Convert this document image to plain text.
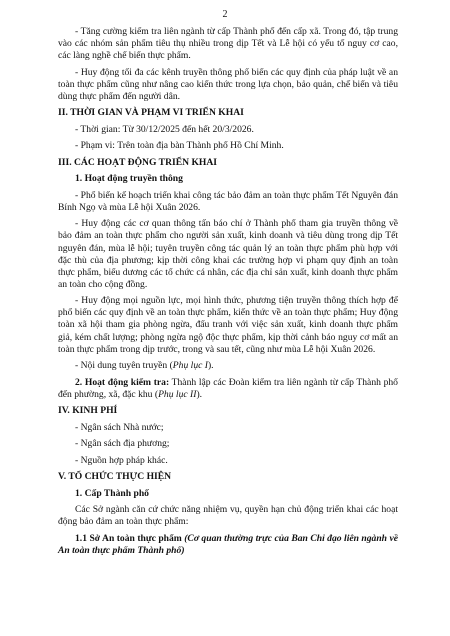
2

- Tăng cường kiểm tra liên ngành từ cấp Thành phố đến cấp xã. Trong đó, tập trung vào các nhóm sản phẩm tiêu thụ nhiều trong dịp Tết và Lễ hội có yếu tố nguy cơ cao, các làng nghề chế biến thực phẩm.

- Huy động tối đa các kênh truyền thông phổ biến các quy định của pháp luật về an toàn thực phẩm cũng như nâng cao kiến thức trong lựa chọn, bảo quản, chế biến và tiêu dùng thực phẩm đến người dân.

II. THỜI GIAN VÀ PHẠM VI TRIỂN KHAI

- Thời gian: Từ 30/12/2025 đến hết 20/3/2026.

- Phạm vi: Trên toàn địa bàn Thành phố Hồ Chí Minh.

III. CÁC HOẠT ĐỘNG TRIỂN KHAI

1. Hoạt động truyền thông

- Phổ biến kế hoạch triển khai công tác bảo đảm an toàn thực phẩm Tết Nguyên đán Bính Ngọ và mùa Lễ hội Xuân 2026.

- Huy động các cơ quan thông tấn báo chí ở Thành phố tham gia truyền thông về bảo đảm an toàn thực phẩm cho người sản xuất, kinh doanh và tiêu dùng trong dịp Tết nguyên đán, mùa lễ hội; tuyên truyền công tác quản lý an toàn thực phẩm phù hợp với đặc thù của địa phương; kịp thời công khai các trường hợp vi phạm quy định an toàn thực phẩm, biểu dương các tổ chức cá nhân, các địa chỉ sản xuất, kinh doanh thực phẩm an toàn cho cộng đồng.

- Huy động mọi nguồn lực, mọi hình thức, phương tiện truyền thông thích hợp để phổ biến các quy định về an toàn thực phẩm, kiến thức về an toàn thực phẩm; Huy động toàn xã hội tham gia phòng ngừa, đấu tranh với việc sản xuất, kinh doanh thực phẩm giả, kém chất lượng; phòng ngừa ngộ độc thực phẩm, kịp thời cảnh báo nguy cơ mất an toàn thực phẩm trong dịp trước, trong và sau tết, cũng như mùa Lễ hội Xuân 2026.

- Nội dung tuyên truyền (Phụ lục I).

2. Hoạt động kiểm tra: Thành lập các Đoàn kiểm tra liên ngành từ cấp Thành phố đến phường, xã, đặc khu (Phụ lục II).

IV. KINH PHÍ

- Ngân sách Nhà nước;

- Ngân sách địa phương;

- Nguồn hợp pháp khác.

V. TỔ CHỨC THỰC HIỆN

1. Cấp Thành phố

Các Sở ngành căn cứ chức năng nhiệm vụ, quyền hạn chủ động triển khai các hoạt động bảo đảm an toàn thực phẩm:

1.1 Sở An toàn thực phẩm (Cơ quan thường trực của Ban Chỉ đạo liên ngành về An toàn thực phẩm Thành phố)
